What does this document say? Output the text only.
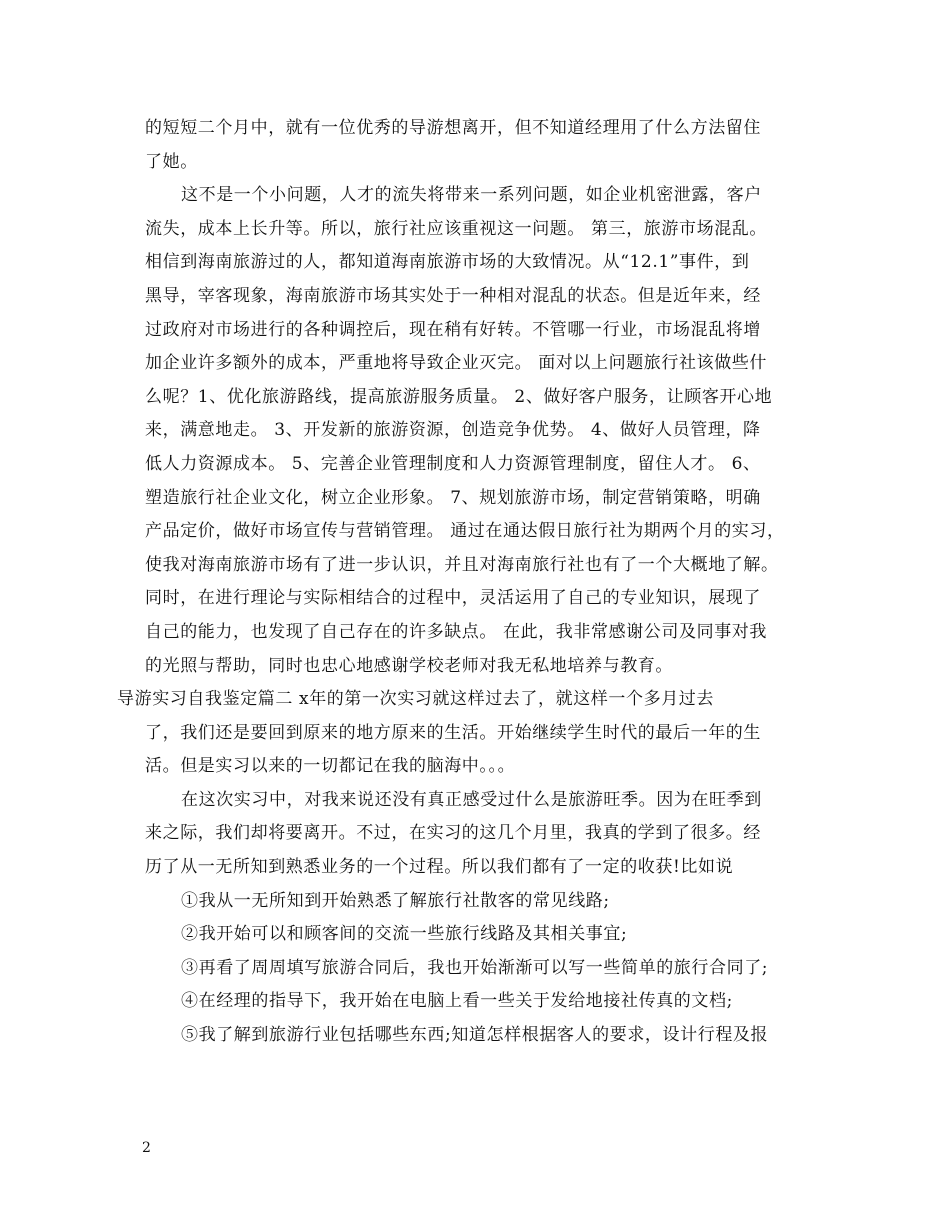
的短短二个月中，就有一位优秀的导游想离开，但不知道经理用了什么方法留住
了她。
这不是一个小问题，人才的流失将带来一系列问题，如企业机密泄露，客户
流失，成本上长升等。所以，旅行社应该重视这一问题。 第三，旅游市场混乱。
相信到海南旅游过的人，都知道海南旅游市场的大致情况。从“12.1”事件，到
黑导，宰客现象，海南旅游市场其实处于一种相对混乱的状态。但是近年来，经
过政府对市场进行的各种调控后，现在稍有好转。不管哪一行业，市场混乱将增
加企业许多额外的成本，严重地将导致企业灭完。 面对以上问题旅行社该做些什
么呢？1、优化旅游路线，提高旅游服务质量。 2、做好客户服务，让顾客开心地
来，满意地走。 3、开发新的旅游资源，创造竞争优势。 4、做好人员管理，降
低人力资源成本。 5、完善企业管理制度和人力资源管理制度，留住人才。 6、
塑造旅行社企业文化，树立企业形象。 7、规划旅游市场，制定营销策略，明确
产品定价，做好市场宣传与营销管理。 通过在通达假日旅行社为期两个月的实习，
使我对海南旅游市场有了进一步认识，并且对海南旅行社也有了一个大概地了解。
同时，在进行理论与实际相结合的过程中，灵活运用了自己的专业知识，展现了
自己的能力，也发现了自己存在的许多缺点。 在此，我非常感谢公司及同事对我
的光照与帮助，同时也忠心地感谢学校老师对我无私地培养与教育。
导游实习自我鉴定篇二 x年的第一次实习就这样过去了，就这样一个多月过去
了，我们还是要回到原来的地方原来的生活。开始继续学生时代的最后一年的生
活。但是实习以来的一切都记在我的脑海中。。。
在这次实习中，对我来说还没有真正感受过什么是旅游旺季。因为在旺季到
来之际，我们却将要离开。不过，在实习的这几个月里，我真的学到了很多。经
历了从一无所知到熟悉业务的一个过程。所以我们都有了一定的收获!比如说
①我从一无所知到开始熟悉了解旅行社散客的常见线路;
②我开始可以和顾客间的交流一些旅行线路及其相关事宜;
③再看了周周填写旅游合同后，我也开始渐渐可以写一些简单的旅行合同了;
④在经理的指导下，我开始在电脑上看一些关于发给地接社传真的文档;
⑤我了解到旅游行业包括哪些东西;知道怎样根据客人的要求，设计行程及报
2
